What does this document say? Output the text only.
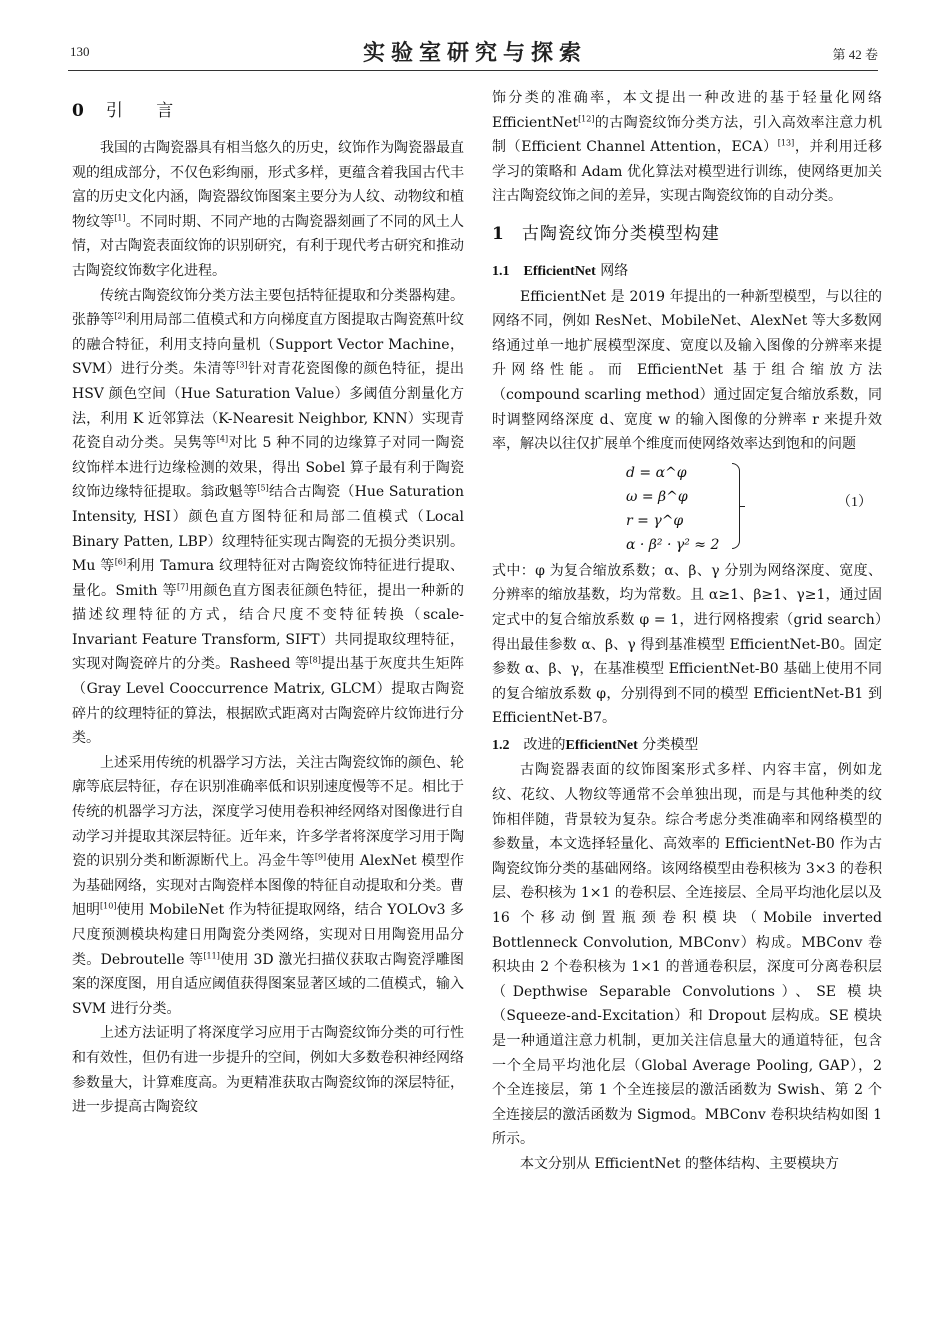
130	实验室研究与探索	第 42 卷
0 引 言

我国的古陶瓷器具有相当悠久的历史，纹饰作为陶瓷器最直观的组成部分，不仅色彩绚丽，形式多样，更蕴含着我国古代丰富的历史文化内涵，陶瓷器纹饰图案主要分为人纹、动物纹和植物纹等[1]。不同时期、不同产地的古陶瓷器刻画了不同的风土人情，对古陶瓷表面纹饰的识别研究，有利于现代考古研究和推动古陶瓷纹饰数字化进程。

传统古陶瓷纹饰分类方法主要包括特征提取和分类器构建。张静等[2]利用局部二值模式和方向梯度直方图提取古陶瓷蕉叶纹的融合特征，利用支持向量机（Support Vector Machine，SVM）进行分类。朱清等[3]针对青花瓷图像的颜色特征，提出 HSV 颜色空间（Hue Saturation Value）多阈值分割量化方法，利用 K 近邻算法（K-Nearesit Neighbor, KNN）实现青花瓷自动分类。吴隽等[4]对比 5 种不同的边缘算子对同一陶瓷纹饰样本进行边缘检测的效果，得出 Sobel 算子最有利于陶瓷纹饰边缘特征提取。翁政魁等[5]结合古陶瓷（Hue Saturation Intensity, HSI）颜色直方图特征和局部二值模式（Local Binary Patten, LBP）纹理特征实现古陶瓷的无损分类识别。Mu 等[6]利用 Tamura 纹理特征对古陶瓷纹饰特征进行提取、量化。Smith 等[7]用颜色直方图表征颜色特征，提出一种新的描述纹理特征的方式，结合尺度不变特征转换（scale-Invariant Feature Transform, SIFT）共同提取纹理特征，实现对陶瓷碎片的分类。Rasheed 等[8]提出基于灰度共生矩阵（Gray Level Cooccurrence Matrix, GLCM）提取古陶瓷碎片的纹理特征的算法，根据欧式距离对古陶瓷碎片纹饰进行分类。

上述采用传统的机器学习方法，关注古陶瓷纹饰的颜色、轮廓等底层特征，存在识别准确率低和识别速度慢等不足。相比于传统的机器学习方法，深度学习使用卷积神经网络对图像进行自动学习并提取其深层特征。近年来，许多学者将深度学习用于陶瓷的识别分类和断源断代上。冯金牛等[9]使用 AlexNet 模型作为基础网络，实现对古陶瓷样本图像的特征自动提取和分类。曹旭明[10]使用 MobileNet 作为特征提取网络，结合 YOLOv3 多尺度预测模块构建日用陶瓷分类网络，实现对日用陶瓷用品分类。Debroutelle 等[11]使用 3D 激光扫描仪获取古陶瓷浮雕图案的深度图，用自适应阈值获得图案显著区域的二值模式，输入 SVM 进行分类。

上述方法证明了将深度学习应用于古陶瓷纹饰分类的可行性和有效性，但仍有进一步提升的空间，例如大多数卷积神经网络参数量大，计算难度高。为更精准获取古陶瓷纹饰的深层特征，进一步提高古陶瓷纹

饰分类的准确率，本文提出一种改进的基于轻量化网络 EfficientNet[12]的古陶瓷纹饰分类方法，引入高效率注意力机制（Efficient Channel Attention，ECA）[13]，并利用迁移学习的策略和 Adam 优化算法对模型进行训练，使网络更加关注古陶瓷纹饰之间的差异，实现古陶瓷纹饰的自动分类。

1 古陶瓷纹饰分类模型构建
1.1 EfficientNet 网络

EfficientNet 是 2019 年提出的一种新型模型，与以往的网络不同，例如 ResNet、MobileNet、AlexNet 等大多数网络通过单一地扩展模型深度、宽度以及输入图像的分辨率来提升网络性能。而 EfficientNet 基于组合缩放方法（compound scarling method）通过固定复合缩放系数，同时调整网络深度 d、宽度 w 的输入图像的分辨率 r 来提升效率，解决以往仅扩展单个维度而使网络效率达到饱和的问题

d = α^φ
ω = β^φ
r = γ^φ
α · β² · γ² ≈ 2
（1）

式中：φ 为复合缩放系数；α、β、γ 分别为网络深度、宽度、分辨率的缩放基数，均为常数。且 α≥1、β≥1、γ≥1，通过固定式中的复合缩放系数 φ = 1，进行网格搜索（grid search）得出最佳参数 α、β、γ 得到基准模型 EfficientNet-B0。固定参数 α、β、γ，在基准模型 EfficientNet-B0 基础上使用不同的复合缩放系数 φ，分别得到不同的模型 EfficientNet-B1 到 EfficientNet-B7。

1.2 改进的EfficientNet 分类模型

古陶瓷器表面的纹饰图案形式多样、内容丰富，例如龙纹、花纹、人物纹等通常不会单独出现，而是与其他种类的纹饰相伴随，背景较为复杂。综合考虑分类准确率和网络模型的参数量，本文选择轻量化、高效率的 EfficientNet-B0 作为古陶瓷纹饰分类的基础网络。该网络模型由卷积核为 3×3 的卷积层、卷积核为 1×1 的卷积层、全连接层、全局平均池化层以及 16 个移动倒置瓶颈卷积模块（Mobile inverted Bottlenneck Convolution, MBConv）构成。MBConv 卷积块由 2 个卷积核为 1×1 的普通卷积层，深度可分离卷积层（Depthwise Separable Convolutions）、SE 模块（Squeeze-and-Excitation）和 Dropout 层构成。SE 模块是一种通道注意力机制，更加关注信息量大的通道特征，包含一个全局平均池化层（Global Average Pooling, GAP），2 个全连接层，第 1 个全连接层的激活函数为 Swish、第 2 个全连接层的激活函数为 Sigmod。MBConv 卷积块结构如图 1 所示。

本文分别从 EfficientNet 的整体结构、主要模块方
